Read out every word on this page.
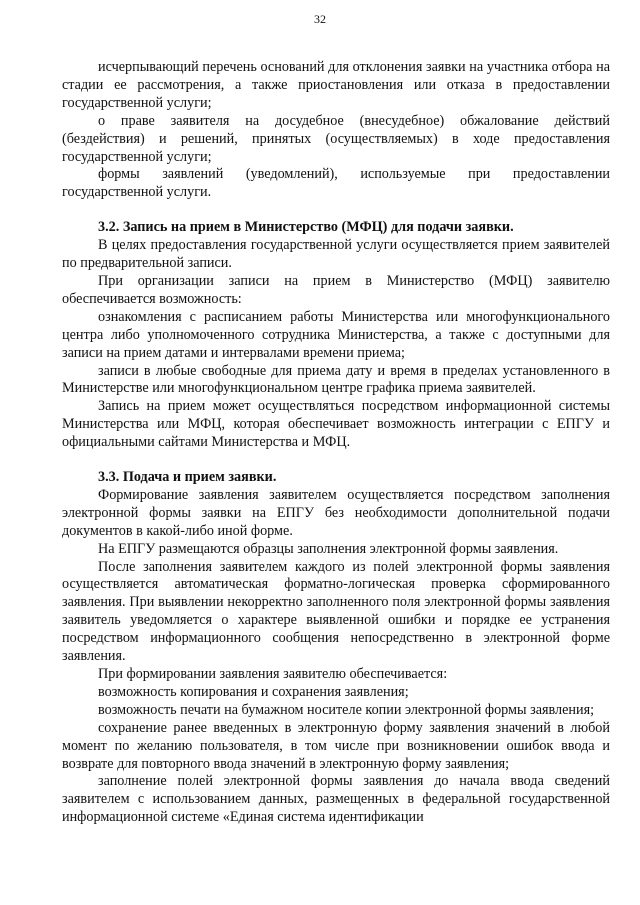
32

исчерпывающий перечень оснований для отклонения заявки на участника отбора на стадии ее рассмотрения, а также приостановления или отказа в предоставлении государственной услуги;

о праве заявителя на досудебное (внесудебное) обжалование действий (бездействия) и решений, принятых (осуществляемых) в ходе предоставления государственной услуги;

формы заявлений (уведомлений), используемые при предоставлении государственной услуги.

3.2. Запись на прием в Министерство (МФЦ) для подачи заявки.

В целях предоставления государственной услуги осуществляется прием заявителей по предварительной записи.

При организации записи на прием в Министерство (МФЦ) заявителю обеспечивается возможность:

ознакомления с расписанием работы Министерства или многофункционального центра либо уполномоченного сотрудника Министерства, а также с доступными для записи на прием датами и интервалами времени приема;

записи в любые свободные для приема дату и время в пределах установленного в Министерстве или многофункциональном центре графика приема заявителей.

Запись на прием может осуществляться посредством информационной системы Министерства или МФЦ, которая обеспечивает возможность интеграции с ЕПГУ и официальными сайтами Министерства и МФЦ.

3.3. Подача и прием заявки.

Формирование заявления заявителем осуществляется посредством заполнения электронной формы заявки на ЕПГУ без необходимости дополнительной подачи документов в какой-либо иной форме.

На ЕПГУ размещаются образцы заполнения электронной формы заявления.

После заполнения заявителем каждого из полей электронной формы заявления осуществляется автоматическая форматно-логическая проверка сформированного заявления. При выявлении некорректно заполненного поля электронной формы заявления заявитель уведомляется о характере выявленной ошибки и порядке ее устранения посредством информационного сообщения непосредственно в электронной форме заявления.

При формировании заявления заявителю обеспечивается:

возможность копирования и сохранения заявления;

возможность печати на бумажном носителе копии электронной формы заявления;

сохранение ранее введенных в электронную форму заявления значений в любой момент по желанию пользователя, в том числе при возникновении ошибок ввода и возврате для повторного ввода значений в электронную форму заявления;

заполнение полей электронной формы заявления до начала ввода сведений заявителем с использованием данных, размещенных в федеральной государственной информационной системе «Единая система идентификации
